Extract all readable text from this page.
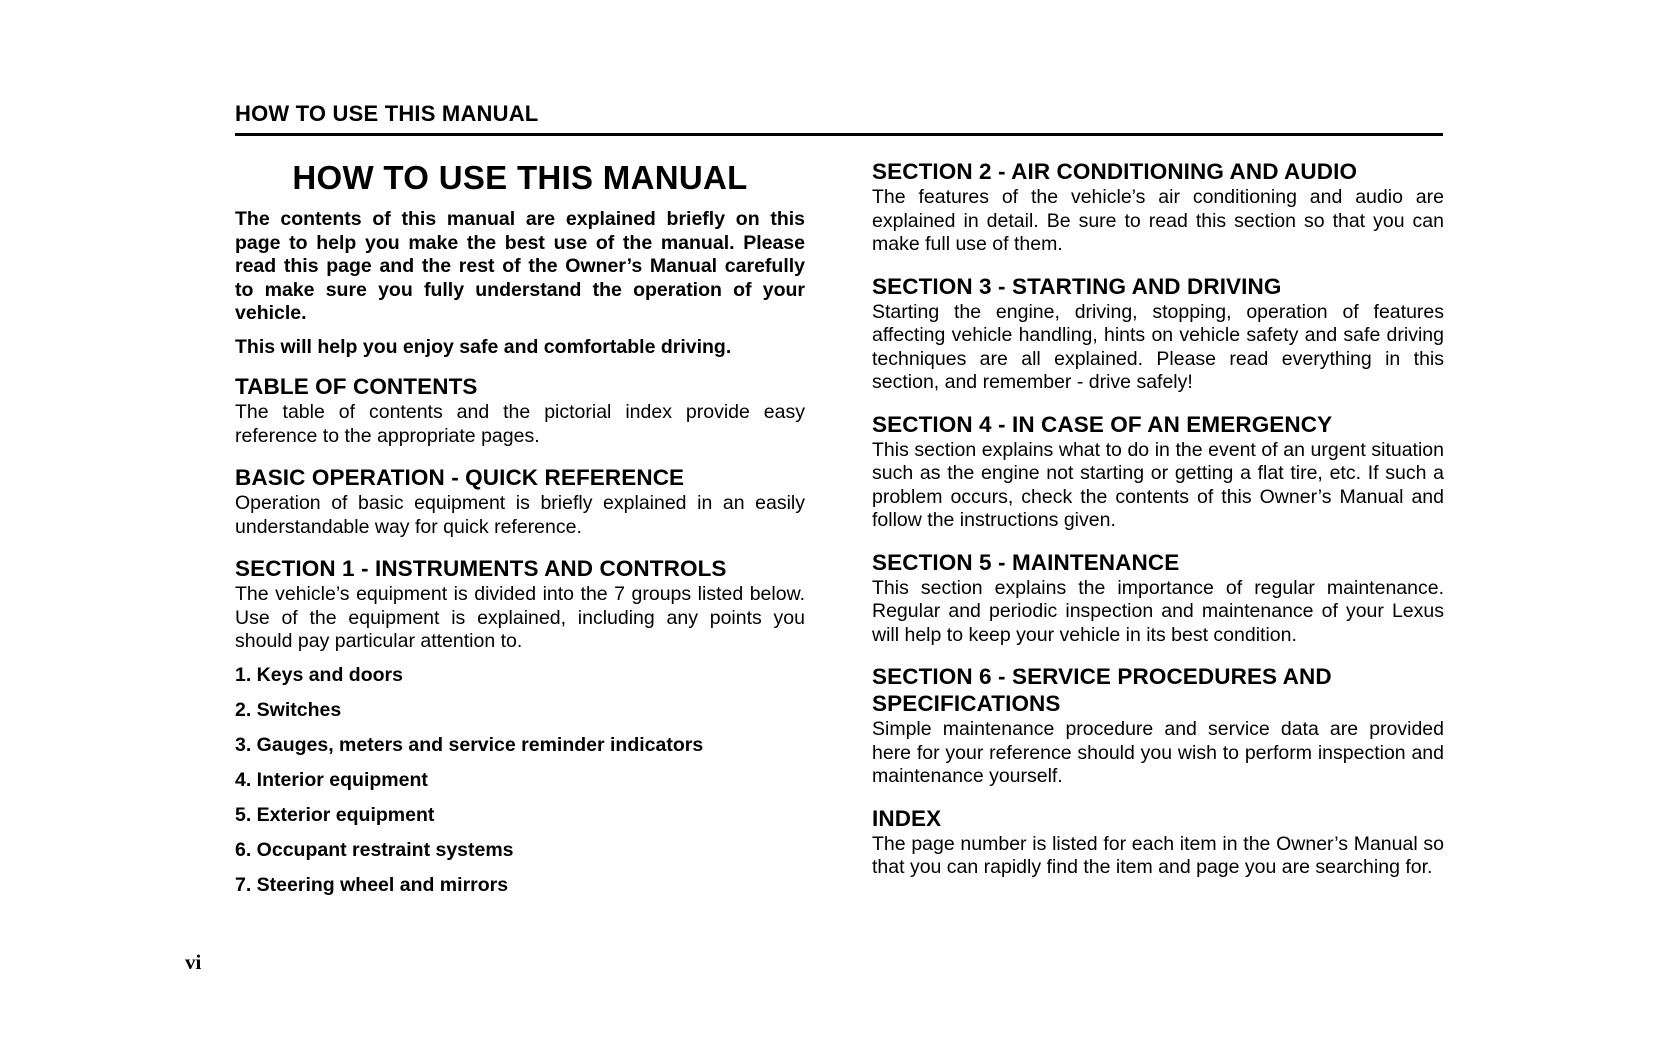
HOW TO USE THIS MANUAL
HOW TO USE THIS MANUAL

The contents of this manual are explained briefly on this page to help you make the best use of the manual. Please read this page and the rest of the Owner’s Manual carefully to make sure you fully understand the operation of your vehicle.

This will help you enjoy safe and comfortable driving.

TABLE OF CONTENTS

The table of contents and the pictorial index provide easy reference to the appropriate pages.

BASIC OPERATION - QUICK REFERENCE

Operation of basic equipment is briefly explained in an easily understandable way for quick reference.

SECTION 1 - INSTRUMENTS AND CONTROLS

The vehicle’s equipment is divided into the 7 groups listed below. Use of the equipment is explained, including any points you should pay particular attention to.

1. Keys and doors
2. Switches
3. Gauges, meters and service reminder indicators
4. Interior equipment
5. Exterior equipment
6. Occupant restraint systems
7. Steering wheel and mirrors
SECTION 2 - AIR CONDITIONING AND AUDIO

The features of the vehicle’s air conditioning and audio are explained in detail. Be sure to read this section so that you can make full use of them.

SECTION 3 - STARTING AND DRIVING

Starting the engine, driving, stopping, operation of features affecting vehicle handling, hints on vehicle safety and safe driving techniques are all explained. Please read everything in this section, and remember - drive safely!

SECTION 4 - IN CASE OF AN EMERGENCY

This section explains what to do in the event of an urgent situation such as the engine not starting or getting a flat tire, etc. If such a problem occurs, check the contents of this Owner’s Manual and follow the instructions given.

SECTION 5 - MAINTENANCE

This section explains the importance of regular maintenance. Regular and periodic inspection and maintenance of your Lexus will help to keep your vehicle in its best condition.

SECTION 6 - SERVICE PROCEDURES AND SPECIFICATIONS

Simple maintenance procedure and service data are provided here for your reference should you wish to perform inspection and maintenance yourself.

INDEX

The page number is listed for each item in the Owner’s Manual so that you can rapidly find the item and page you are searching for.

vi
